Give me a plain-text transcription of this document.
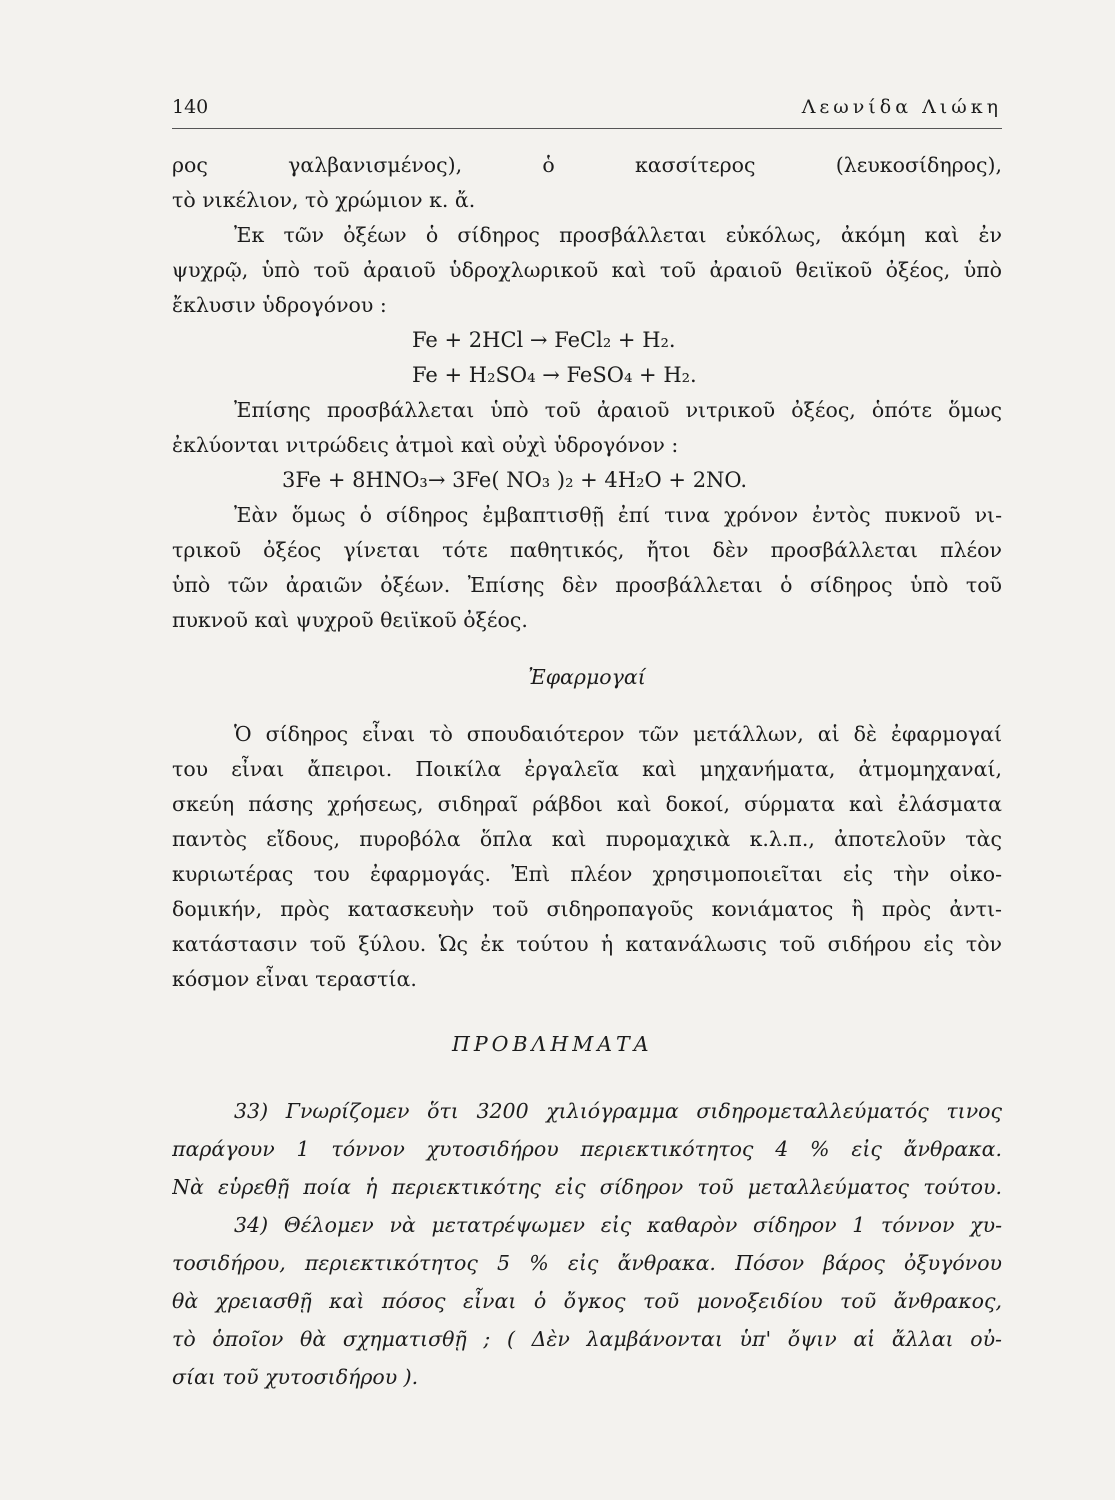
140	Λεωνίδα Λιώκη
ρος γαλβανισμένος), ὁ κασσίτερος (λευκοσίδηρος),
τὸ νικέλιον, τὸ χρώμιον κ. ἄ.
Ἐκ τῶν ὀξέων ὁ σίδηρος προσβάλλεται εὐκόλως, ἀκόμη καὶ ἐν
ψυχρῷ, ὑπὸ τοῦ ἀραιοῦ ὑδροχλωρικοῦ καὶ τοῦ ἀραιοῦ θειϊκοῦ ὀξέος, ὑπὸ
ἔκλυσιν ὑδρογόνου :
Fe + 2HCl → FeCl₂ + H₂.
Fe + H₂SO₄ → FeSO₄ + H₂.
Ἐπίσης προσβάλλεται ὑπὸ τοῦ ἀραιοῦ νιτρικοῦ ὀξέος, ὁπότε ὅμως
ἐκλύονται νιτρώδεις ἀτμοὶ καὶ οὐχὶ ὑδρογόνον :
3Fe + 8HNO₃→ 3Fe( NO₃ )₂ + 4H₂O + 2NO.
Ἐὰν ὅμως ὁ σίδηρος ἐμβαπτισθῇ ἐπί τινα χρόνον ἐντὸς πυκνοῦ νι-
τρικοῦ ὀξέος γίνεται τότε παθητικός, ἤτοι δὲν προσβάλλεται πλέον
ὑπὸ τῶν ἀραιῶν ὀξέων. Ἐπίσης δὲν προσβάλλεται ὁ σίδηρος ὑπὸ τοῦ
πυκνοῦ καὶ ψυχροῦ θειϊκοῦ ὀξέος.
Ἐφαρμογαί
Ὁ σίδηρος εἶναι τὸ σπουδαιότερον τῶν μετάλλων, αἱ δὲ ἐφαρμογαί
του εἶναι ἄπειροι. Ποικίλα ἐργαλεῖα καὶ μηχανήματα, ἀτμομηχαναί,
σκεύη πάσης χρήσεως, σιδηραῖ ράβδοι καὶ δοκοί, σύρματα καὶ ἐλάσματα
παντὸς εἴδους, πυροβόλα ὅπλα καὶ πυρομαχικὰ κ.λ.π., ἀποτελοῦν τὰς
κυριωτέρας του ἐφαρμογάς. Ἐπὶ πλέον χρησιμοποιεῖται εἰς τὴν οἰκο-
δομικήν, πρὸς κατασκευὴν τοῦ σιδηροπαγοῦς κονιάματος ἢ πρὸς ἀντι-
κατάστασιν τοῦ ξύλου. Ὡς ἐκ τούτου ἡ κατανάλωσις τοῦ σιδήρου εἰς τὸν
κόσμον εἶναι τεραστία.
ΠΡΟΒΛΗΜΑΤΑ
33) Γνωρίζομεν ὅτι 3200 χιλιόγραμμα σιδηρομεταλλεύματός τινος
παράγουν 1 τόννον χυτοσιδήρου περιεκτικότητος 4 % εἰς ἄνθρακα.
Νὰ εὑρεθῇ ποία ἡ περιεκτικότης εἰς σίδηρον τοῦ μεταλλεύματος τούτου.
34) Θέλομεν νὰ μετατρέψωμεν εἰς καθαρὸν σίδηρον 1 τόννον χυ-
τοσιδήρου, περιεκτικότητος 5 % εἰς ἄνθρακα. Πόσον βάρος ὀξυγόνου
θὰ χρειασθῇ καὶ πόσος εἶναι ὁ ὄγκος τοῦ μονοξειδίου τοῦ ἄνθρακος,
τὸ ὁποῖον θὰ σχηματισθῇ ; ( Δὲν λαμβάνονται ὑπ' ὄψιν αἱ ἄλλαι οὐ-
σίαι τοῦ χυτοσιδήρου ).
